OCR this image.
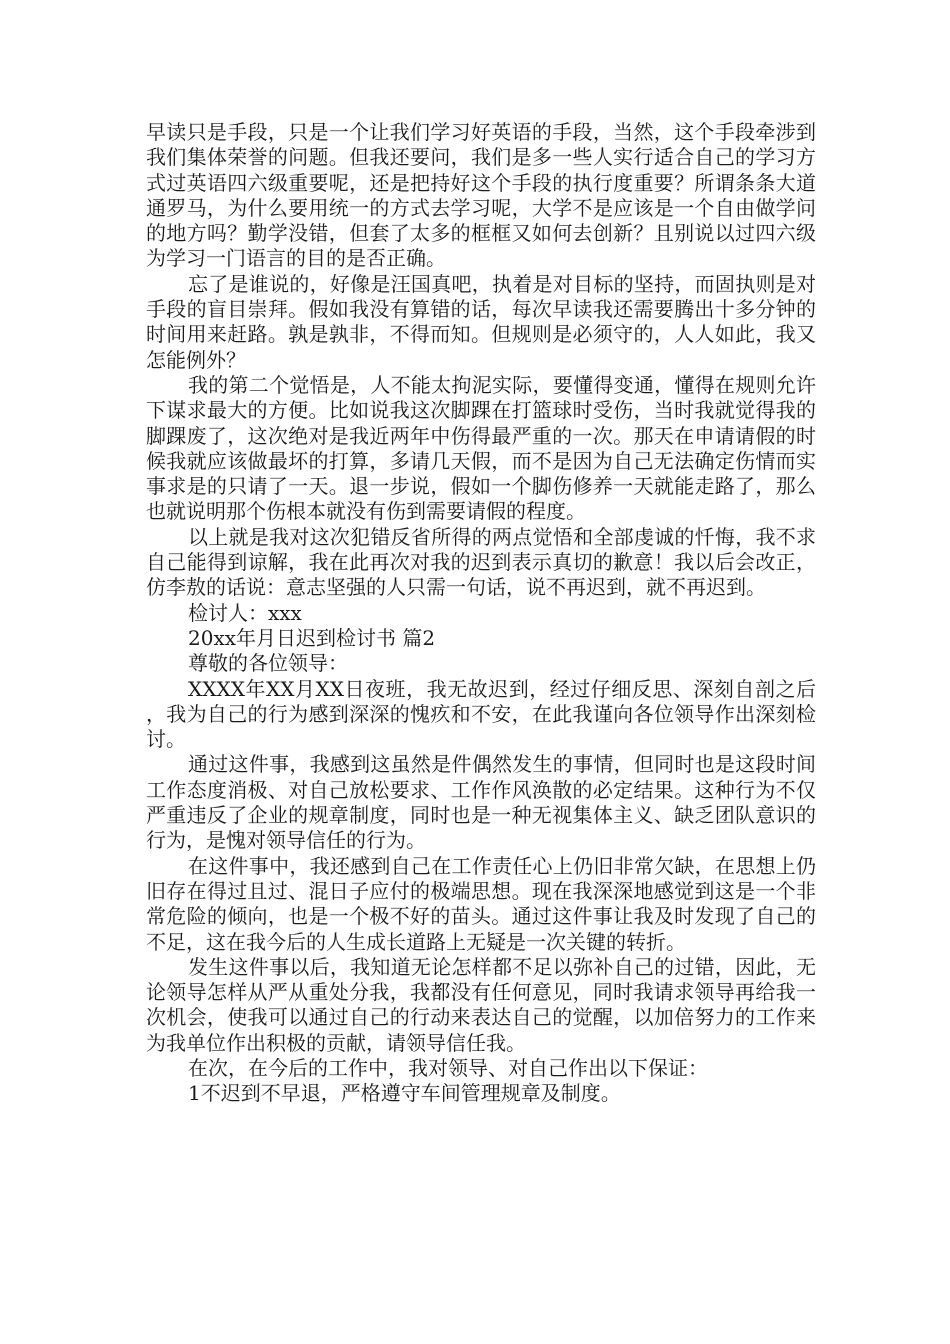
早读只是手段，只是一个让我们学习好英语的手段，当然，这个手段牵涉到我们集体荣誉的问题。但我还要问，我们是多一些人实行适合自己的学习方式过英语四六级重要呢，还是把持好这个手段的执行度重要？所谓条条大道通罗马，为什么要用统一的方式去学习呢，大学不是应该是一个自由做学问的地方吗？勤学没错，但套了太多的框框又如何去创新？且别说以过四六级为学习一门语言的目的是否正确。

忘了是谁说的，好像是汪国真吧，执着是对目标的坚持，而固执则是对手段的盲目崇拜。假如我没有算错的话，每次早读我还需要腾出十多分钟的时间用来赶路。孰是孰非，不得而知。但规则是必须守的，人人如此，我又怎能例外？

我的第二个觉悟是，人不能太拘泥实际，要懂得变通，懂得在规则允许下谋求最大的方便。比如说我这次脚踝在打篮球时受伤，当时我就觉得我的脚踝废了，这次绝对是我近两年中伤得最严重的一次。那天在申请请假的时候我就应该做最坏的打算，多请几天假，而不是因为自己无法确定伤情而实事求是的只请了一天。退一步说，假如一个脚伤修养一天就能走路了，那么也就说明那个伤根本就没有伤到需要请假的程度。

以上就是我对这次犯错反省所得的两点觉悟和全部虔诚的忏悔，我不求自己能得到谅解，我在此再次对我的迟到表示真切的歉意！我以后会改正，仿李敖的话说：意志坚强的人只需一句话，说不再迟到，就不再迟到。

检讨人：xxx

20xx年月日迟到检讨书 篇2

尊敬的各位领导：

XXXX年XX月XX日夜班，我无故迟到，经过仔细反思、深刻自剖之后，我为自己的行为感到深深的愧疚和不安，在此我谨向各位领导作出深刻检讨。

通过这件事，我感到这虽然是件偶然发生的事情，但同时也是这段时间工作态度消极、对自己放松要求、工作作风涣散的必定结果。这种行为不仅严重违反了企业的规章制度，同时也是一种无视集体主义、缺乏团队意识的行为，是愧对领导信任的行为。

在这件事中，我还感到自己在工作责任心上仍旧非常欠缺，在思想上仍旧存在得过且过、混日子应付的极端思想。现在我深深地感觉到这是一个非常危险的倾向，也是一个极不好的苗头。通过这件事让我及时发现了自己的不足，这在我今后的人生成长道路上无疑是一次关键的转折。

发生这件事以后，我知道无论怎样都不足以弥补自己的过错，因此，无论领导怎样从严从重处分我，我都没有任何意见，同时我请求领导再给我一次机会，使我可以通过自己的行动来表达自己的觉醒，以加倍努力的工作来为我单位作出积极的贡献，请领导信任我。

在次，在今后的工作中，我对领导、对自己作出以下保证：

1不迟到不早退，严格遵守车间管理规章及制度。
